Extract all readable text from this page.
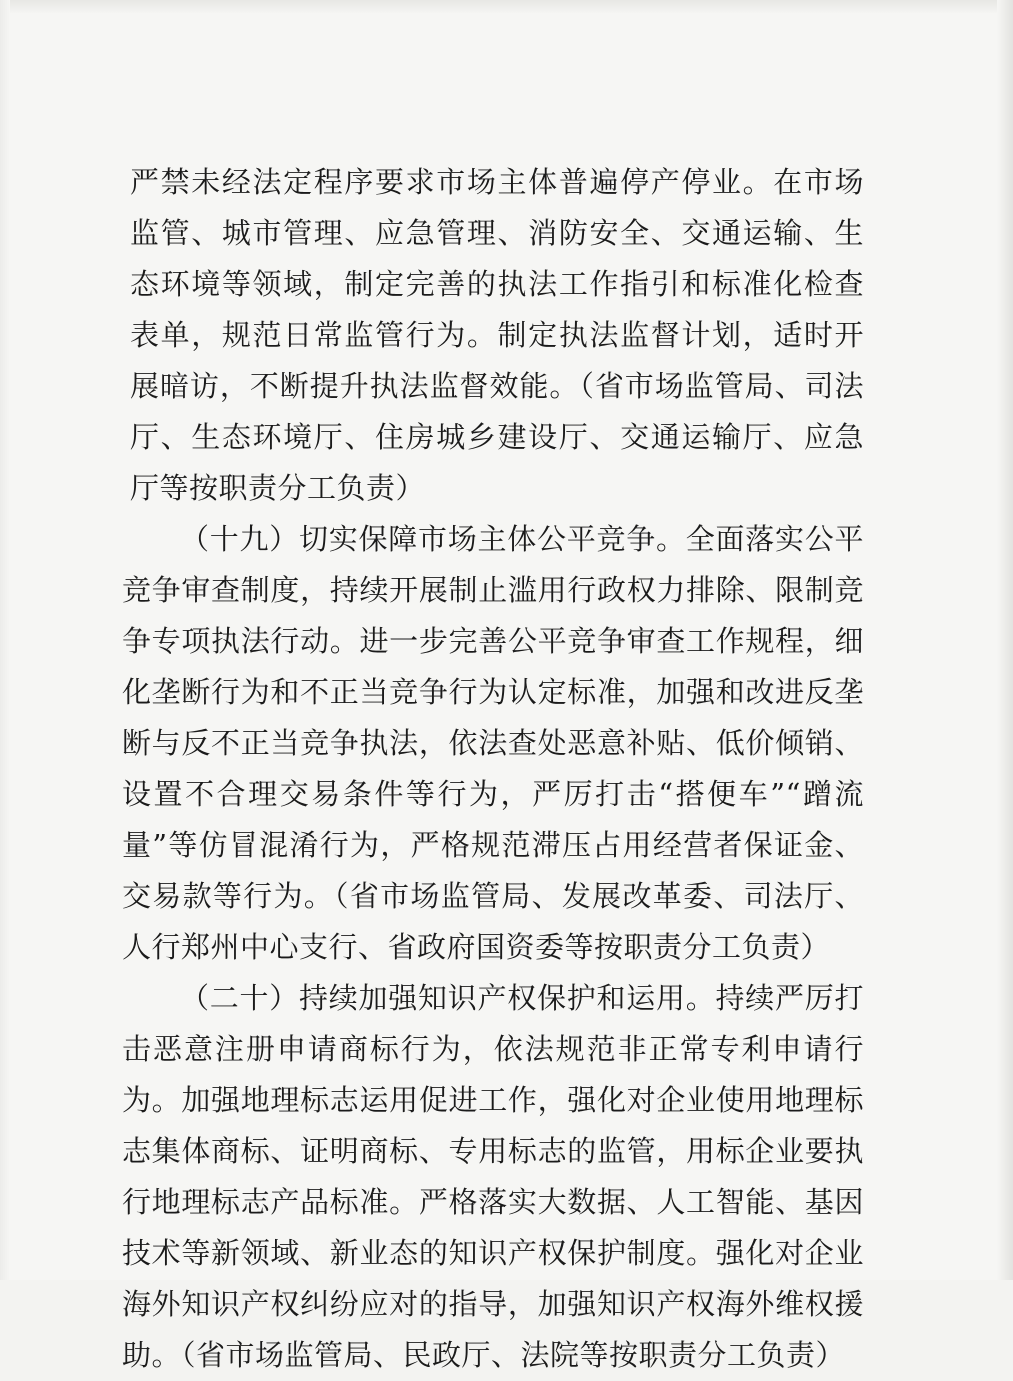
严禁未经法定程序要求市场主体普遍停产停业。在市场监管、城市管理、应急管理、消防安全、交通运输、生态环境等领域，制定完善的执法工作指引和标准化检查表单，规范日常监管行为。制定执法监督计划，适时开展暗访，不断提升执法监督效能。（省市场监管局、司法厅、生态环境厅、住房城乡建设厅、交通运输厅、应急厅等按职责分工负责）

（十九）切实保障市场主体公平竞争。全面落实公平竞争审查制度，持续开展制止滥用行政权力排除、限制竞争专项执法行动。进一步完善公平竞争审查工作规程，细化垄断行为和不正当竞争行为认定标准，加强和改进反垄断与反不正当竞争执法，依法查处恶意补贴、低价倾销、设置不合理交易条件等行为，严厉打击“搭便车”“蹭流量”等仿冒混淆行为，严格规范滞压占用经营者保证金、交易款等行为。（省市场监管局、发展改革委、司法厅、人行郑州中心支行、省政府国资委等按职责分工负责）

（二十）持续加强知识产权保护和运用。持续严厉打击恶意注册申请商标行为，依法规范非正常专利申请行为。加强地理标志运用促进工作，强化对企业使用地理标志集体商标、证明商标、专用标志的监管，用标企业要执行地理标志产品标准。严格落实大数据、人工智能、基因技术等新领域、新业态的知识产权保护制度。强化对企业海外知识产权纠纷应对的指导，加强知识产权海外维权援助。（省市场监管局、民政厅、法院等按职责分工负责）
